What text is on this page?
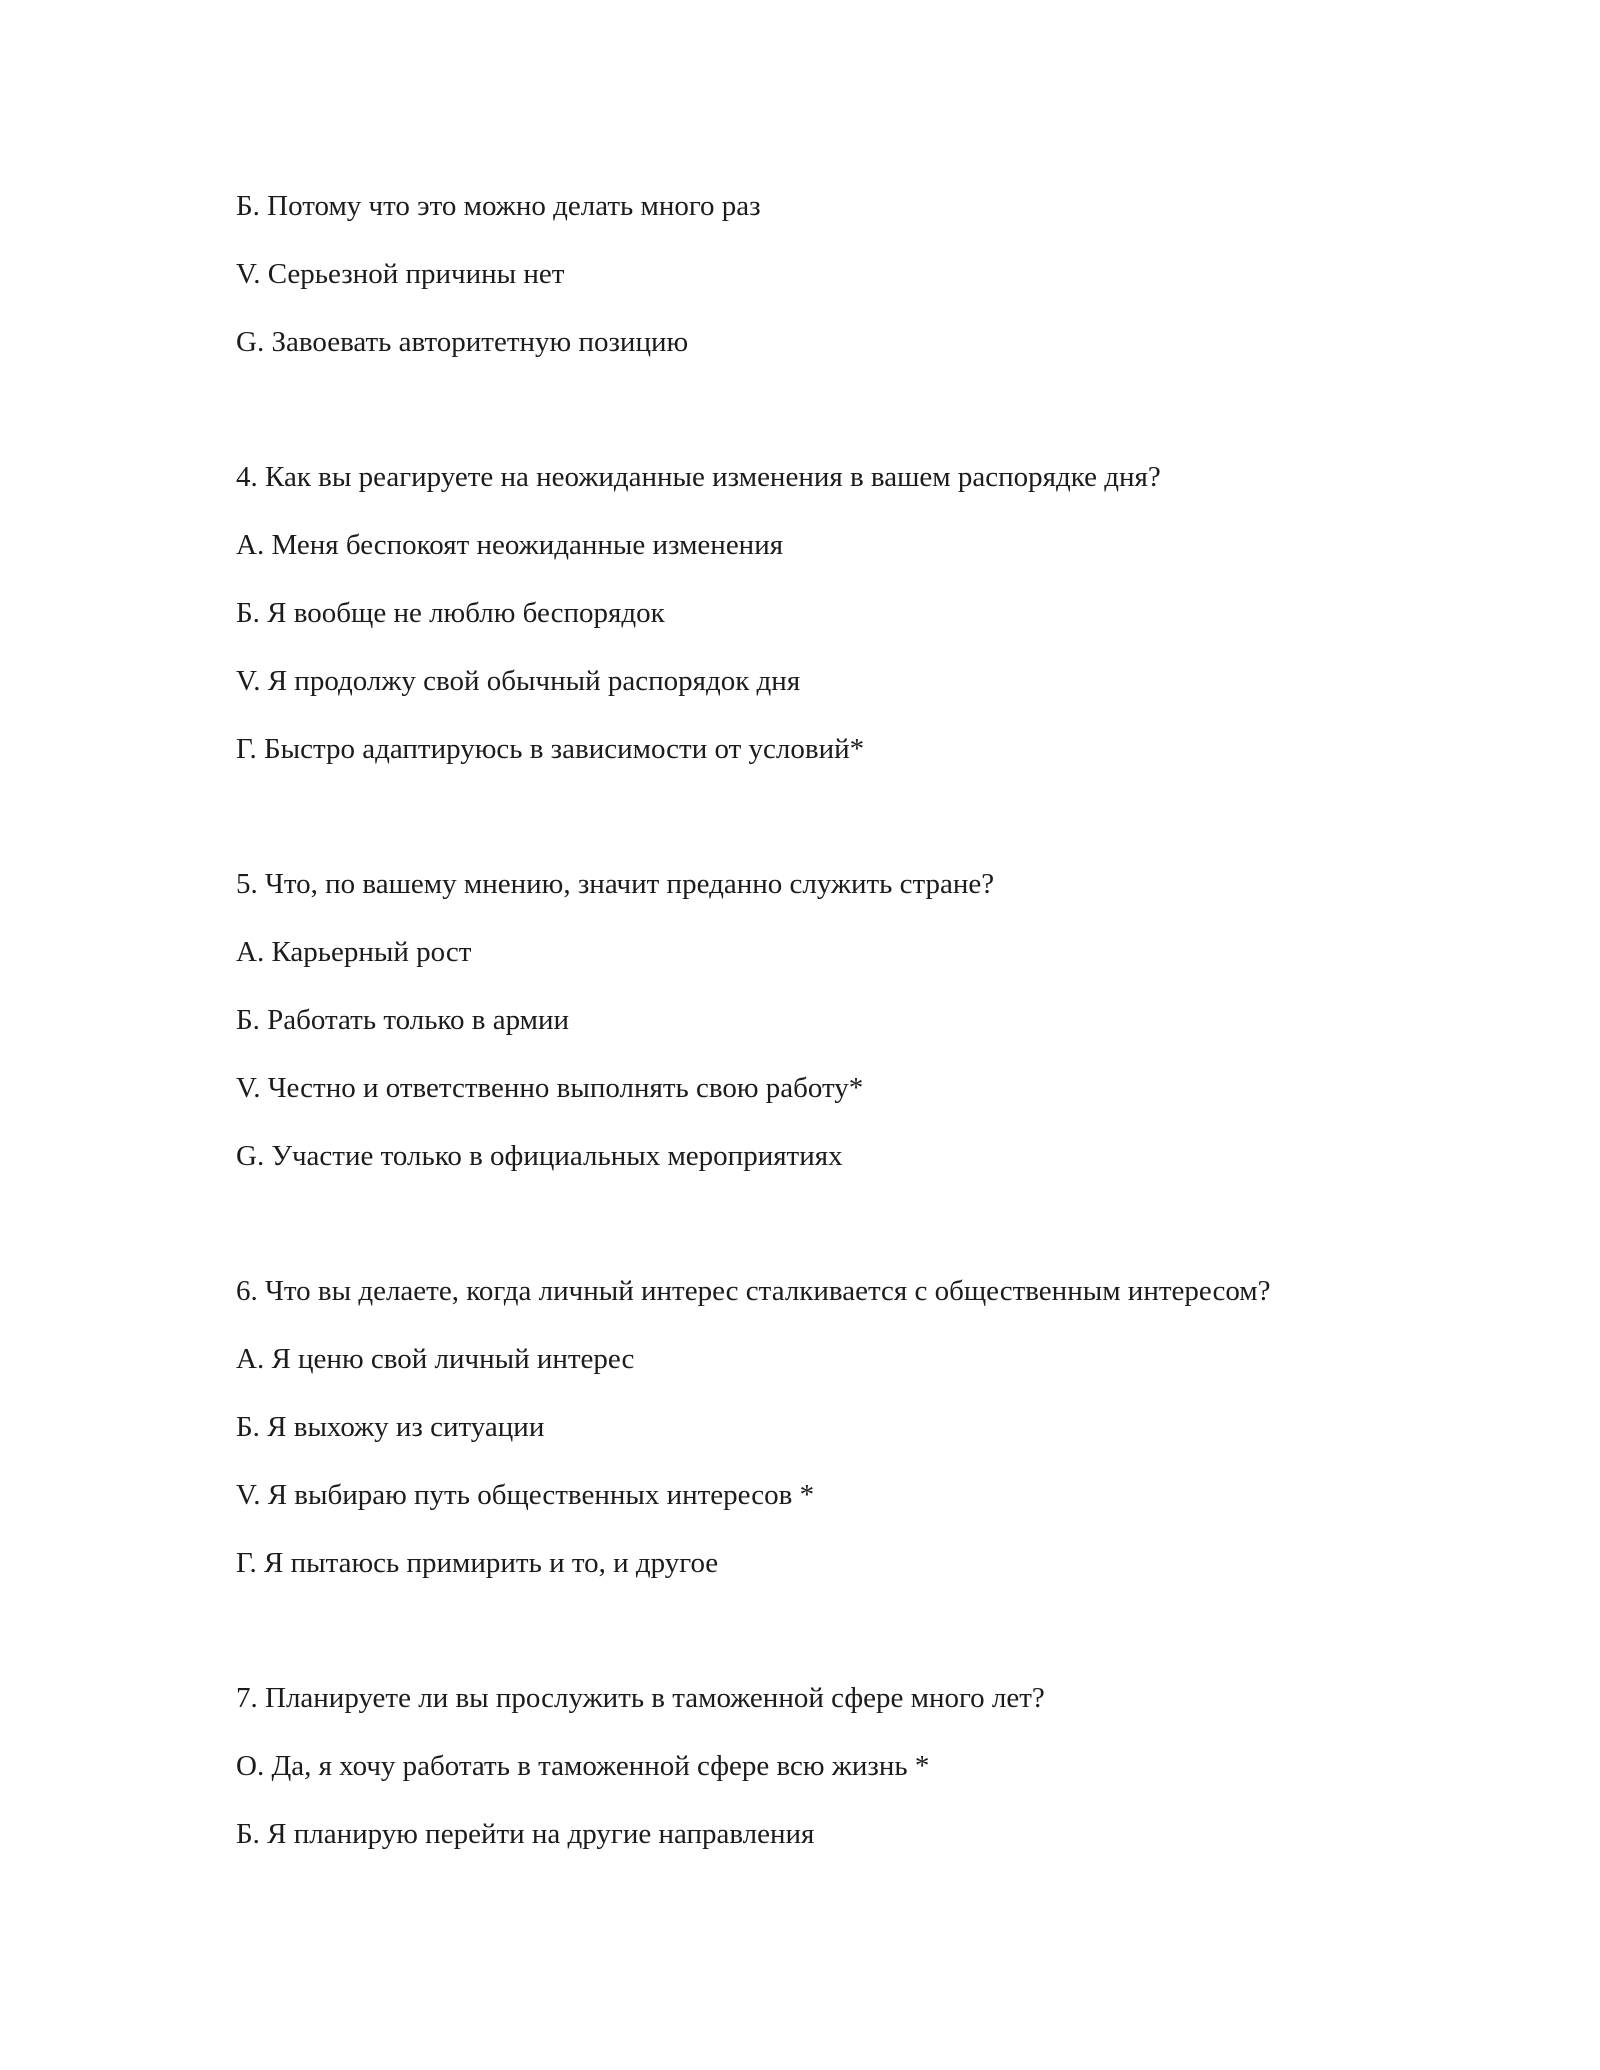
Б. Потому что это можно делать много раз
V. Серьезной причины нет
G. Завоевать авторитетную позицию
4. Как вы реагируете на неожиданные изменения в вашем распорядке дня?
А. Меня беспокоят неожиданные изменения
Б. Я вообще не люблю беспорядок
V. Я продолжу свой обычный распорядок дня
Г. Быстро адаптируюсь в зависимости от условий*
5. Что, по вашему мнению, значит преданно служить стране?
А. Карьерный рост
Б. Работать только в армии
V. Честно и ответственно выполнять свою работу*
G. Участие только в официальных мероприятиях
6. Что вы делаете, когда личный интерес сталкивается с общественным интересом?
А. Я ценю свой личный интерес
Б. Я выхожу из ситуации
V. Я выбираю путь общественных интересов *
Г. Я пытаюсь примирить и то, и другое
7. Планируете ли вы прослужить в таможенной сфере много лет?
О. Да, я хочу работать в таможенной сфере всю жизнь *
Б. Я планирую перейти на другие направления
